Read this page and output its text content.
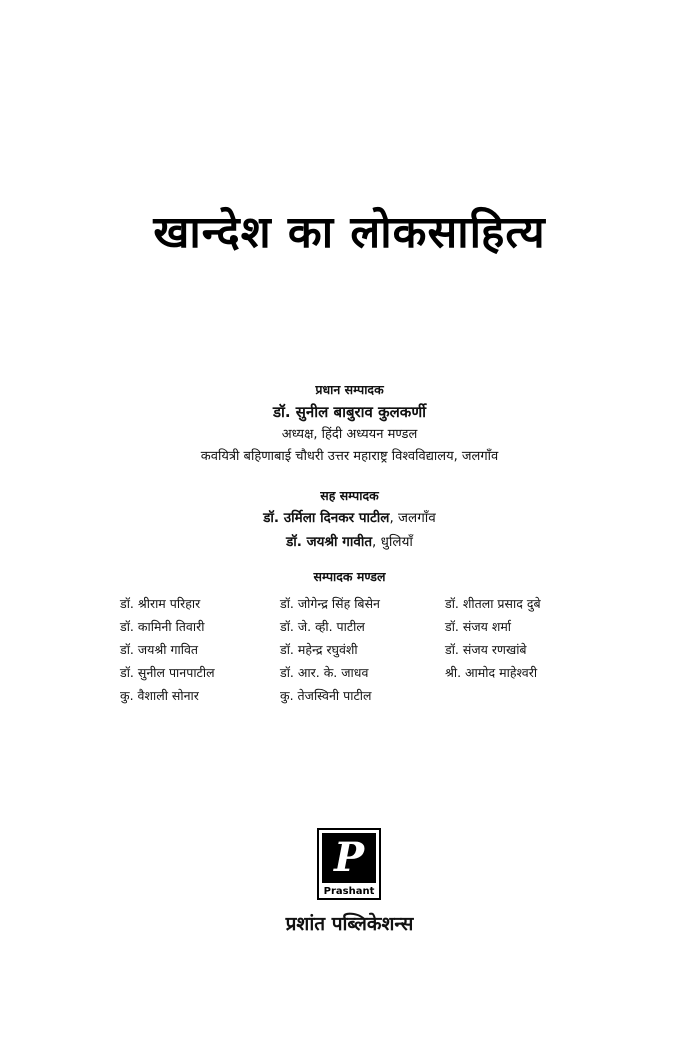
खान्देश का लोकसाहित्य
प्रधान सम्पादक
डॉ. सुनील बाबुराव कुलकर्णी
अध्यक्ष, हिंदी अध्ययन मण्डल
कवयित्री बहिणाबाई चौधरी उत्तर महाराष्ट्र विश्वविद्यालय, जलगाँव
सह सम्पादक
डॉ. उर्मिला दिनकर पाटील, जलगाँव
डॉ. जयश्री गावीत, धुलियाँ
सम्पादक मण्डल
डॉ. श्रीराम परिहार	डॉ. जोगेन्द्र सिंह बिसेन	डॉ. शीतला प्रसाद दुबे
डॉ. कामिनी तिवारी	डॉ. जे. व्ही. पाटील	डॉ. संजय शर्मा
डॉ. जयश्री गावित	डॉ. महेन्द्र रघुवंशी	डॉ. संजय रणखांबे
डॉ. सुनील पानपाटील	डॉ. आर. के. जाधव	श्री. आमोद माहेश्वरी
कु. वैशाली सोनार	कु. तेजस्विनी पाटील
P
Prashant
प्रशांत पब्लिकेशन्स
